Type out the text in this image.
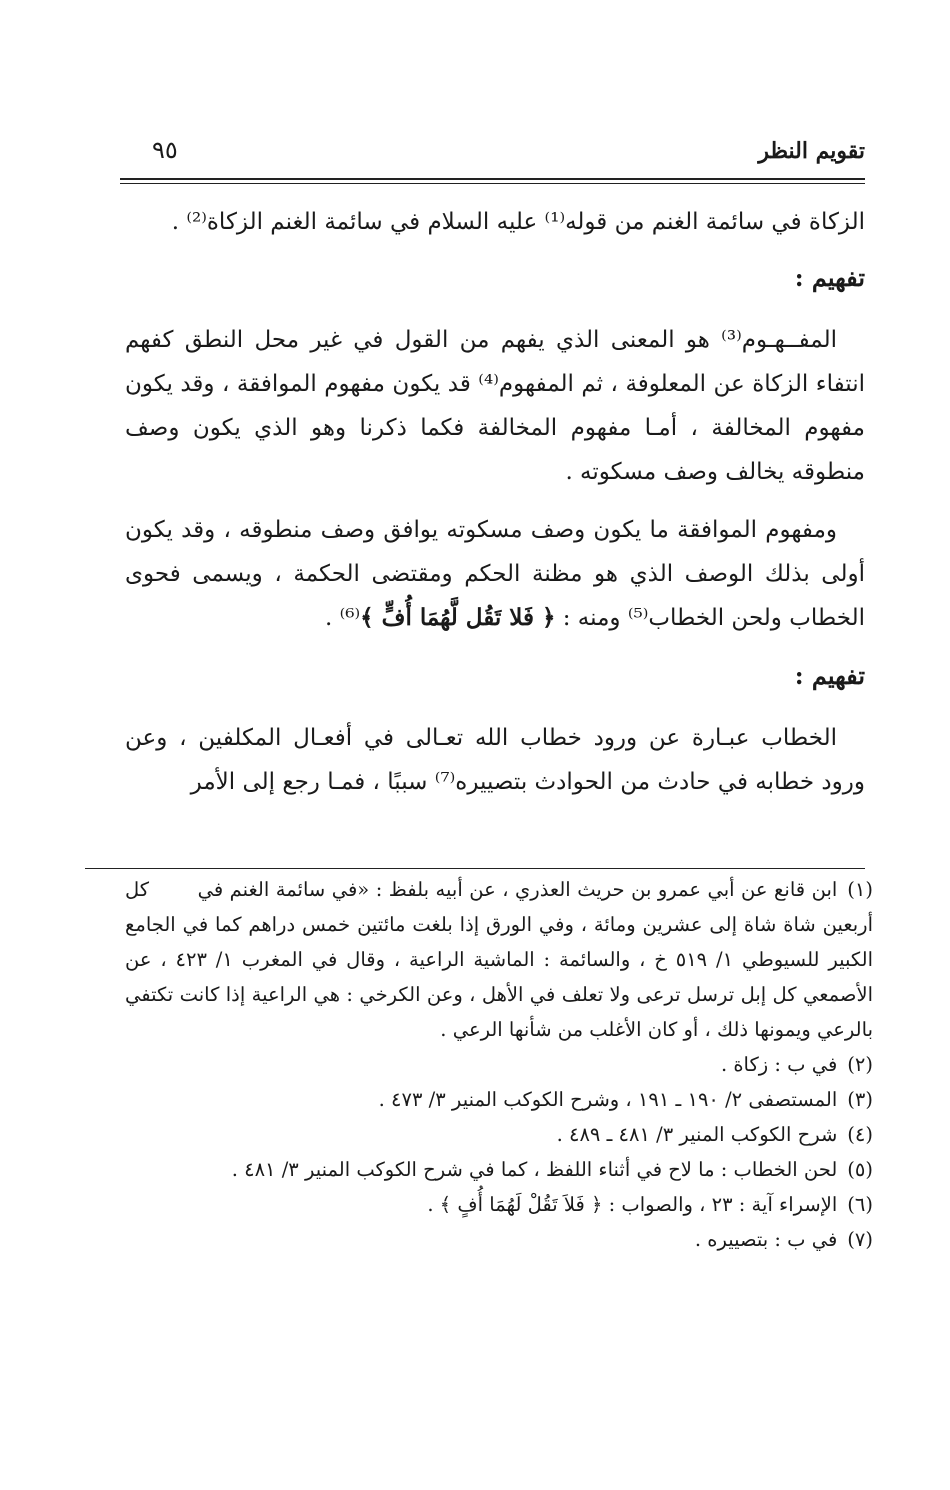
تقويم النظر
٩٥

الزكاة في سائمة الغنم من قوله⁽¹⁾ عليه السلام في سائمة الغنم الزكاة⁽²⁾ .

تفهيم :

المفــهـوم⁽³⁾ هو المعنى الذي يفهم من القول في غير محل النطق كفهم انتفاء الزكاة عن المعلوفة ، ثم المفهوم⁽⁴⁾ قد يكون مفهوم الموافقة ، وقد يكون مفهوم المخالفة ، أمـا مفهوم المخالفة فكما ذكرنا وهو الذي يكون وصف منطوقه يخالف وصف مسكوته .

ومفهوم الموافقة ما يكون وصف مسكوته يوافق وصف منطوقه ، وقد يكون أولى بذلك الوصف الذي هو مظنة الحكم ومقتضى الحكمة ، ويسمى فحوى الخطاب ولحن الخطاب⁽⁵⁾ ومنه : ﴿ فَلا تَقُل لَّهُمَا أُفٍّ ﴾⁽⁶⁾ .

تفهيم :

الخطاب عبـارة عن ورود خطاب الله تعـالى في أفعـال المكلفين ، وعن ورود خطابه في حادث من الحوادث بتصييره⁽⁷⁾ سببًا ، فمـا رجع إلى الأمر

(١)ابن قانع عن أبي عمرو بن حريث العذري ، عن أبيه بلفظ : «في سائمة الغنم في كل أربعين شاة شاة إلى عشرين ومائة ، وفي الورق إذا بلغت مائتين خمس دراهم كما في الجامع الكبير للسيوطي ١/ ٥١٩ خ ، والسائمة : الماشية الراعية ، وقال في المغرب ١/ ٤٢٣ ، عن الأصمعي كل إبل ترسل ترعى ولا تعلف في الأهل ، وعن الكرخي : هي الراعية إذا كانت تكتفي بالرعي ويمونها ذلك ، أو كان الأغلب من شأنها الرعي .

(٢)في ب : زكاة .

(٣)المستصفى ٢/ ١٩٠ ـ ١٩١ ، وشرح الكوكب المنير ٣/ ٤٧٣ .

(٤)شرح الكوكب المنير ٣/ ٤٨١ ـ ٤٨٩ .

(٥)لحن الخطاب : ما لاح في أثناء اللفظ ، كما في شرح الكوكب المنير ٣/ ٤٨١ .

(٦)الإسراء آية : ٢٣ ، والصواب : ﴿ فَلاَ تَقُلْ لَهُمَا أُفٍ ﴾ .

(٧)في ب : بتصييره .
